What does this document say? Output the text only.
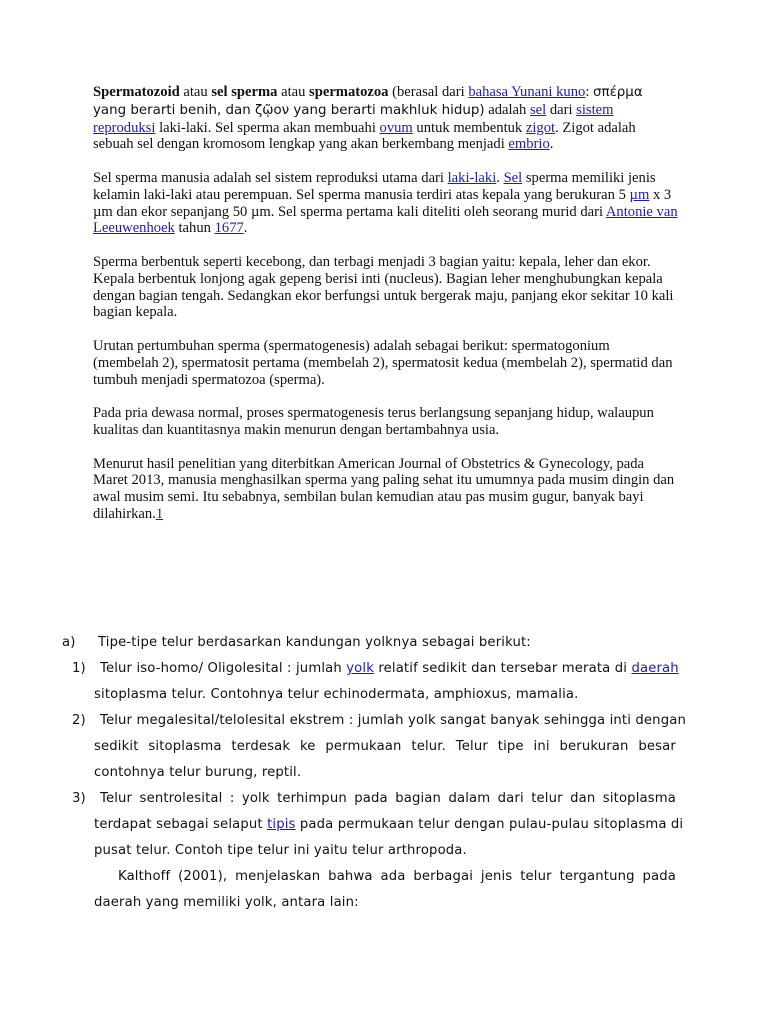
Spermatozoid atau sel sperma atau spermatozoa (berasal dari bahasa Yunani kuno: σπέρμα yang berarti benih, dan ζῷον yang berarti makhluk hidup) adalah sel dari sistem reproduksi laki-laki. Sel sperma akan membuahi ovum untuk membentuk zigot. Zigot adalah sebuah sel dengan kromosom lengkap yang akan berkembang menjadi embrio.

Sel sperma manusia adalah sel sistem reproduksi utama dari laki-laki. Sel sperma memiliki jenis kelamin laki-laki atau perempuan. Sel sperma manusia terdiri atas kepala yang berukuran 5 µm x 3 µm dan ekor sepanjang 50 µm. Sel sperma pertama kali diteliti oleh seorang murid dari Antonie van Leeuwenhoek tahun 1677.

Sperma berbentuk seperti kecebong, dan terbagi menjadi 3 bagian yaitu: kepala, leher dan ekor. Kepala berbentuk lonjong agak gepeng berisi inti (nucleus). Bagian leher menghubungkan kepala dengan bagian tengah. Sedangkan ekor berfungsi untuk bergerak maju, panjang ekor sekitar 10 kali bagian kepala.

Urutan pertumbuhan sperma (spermatogenesis) adalah sebagai berikut: spermatogonium (membelah 2), spermatosit pertama (membelah 2), spermatosit kedua (membelah 2), spermatid dan tumbuh menjadi spermatozoa (sperma).

Pada pria dewasa normal, proses spermatogenesis terus berlangsung sepanjang hidup, walaupun kualitas dan kuantitasnya makin menurun dengan bertambahnya usia.

Menurut hasil penelitian yang diterbitkan American Journal of Obstetrics & Gynecology, pada Maret 2013, manusia menghasilkan sperma yang paling sehat itu umumnya pada musim dingin dan awal musim semi. Itu sebabnya, sembilan bulan kemudian atau pas musim gugur, banyak bayi dilahirkan.1

a) Tipe-tipe telur berdasarkan kandungan yolknya sebagai berikut:
1) Telur iso-homo/ Oligolesital : jumlah yolk relatif sedikit dan tersebar merata di daerah
sitoplasma telur. Contohnya telur echinodermata, amphioxus, mamalia.
2) Telur megalesital/telolesital ekstrem : jumlah yolk sangat banyak sehingga inti dengan
sedikit sitoplasma terdesak ke permukaan telur. Telur tipe ini berukuran besar
contohnya telur burung, reptil.
3) Telur sentrolesital : yolk terhimpun pada bagian dalam dari telur dan sitoplasma
terdapat sebagai selaput tipis pada permukaan telur dengan pulau-pulau sitoplasma di
pusat telur. Contoh tipe telur ini yaitu telur arthropoda.
Kalthoff (2001), menjelaskan bahwa ada berbagai jenis telur tergantung pada
daerah yang memiliki yolk, antara lain:
